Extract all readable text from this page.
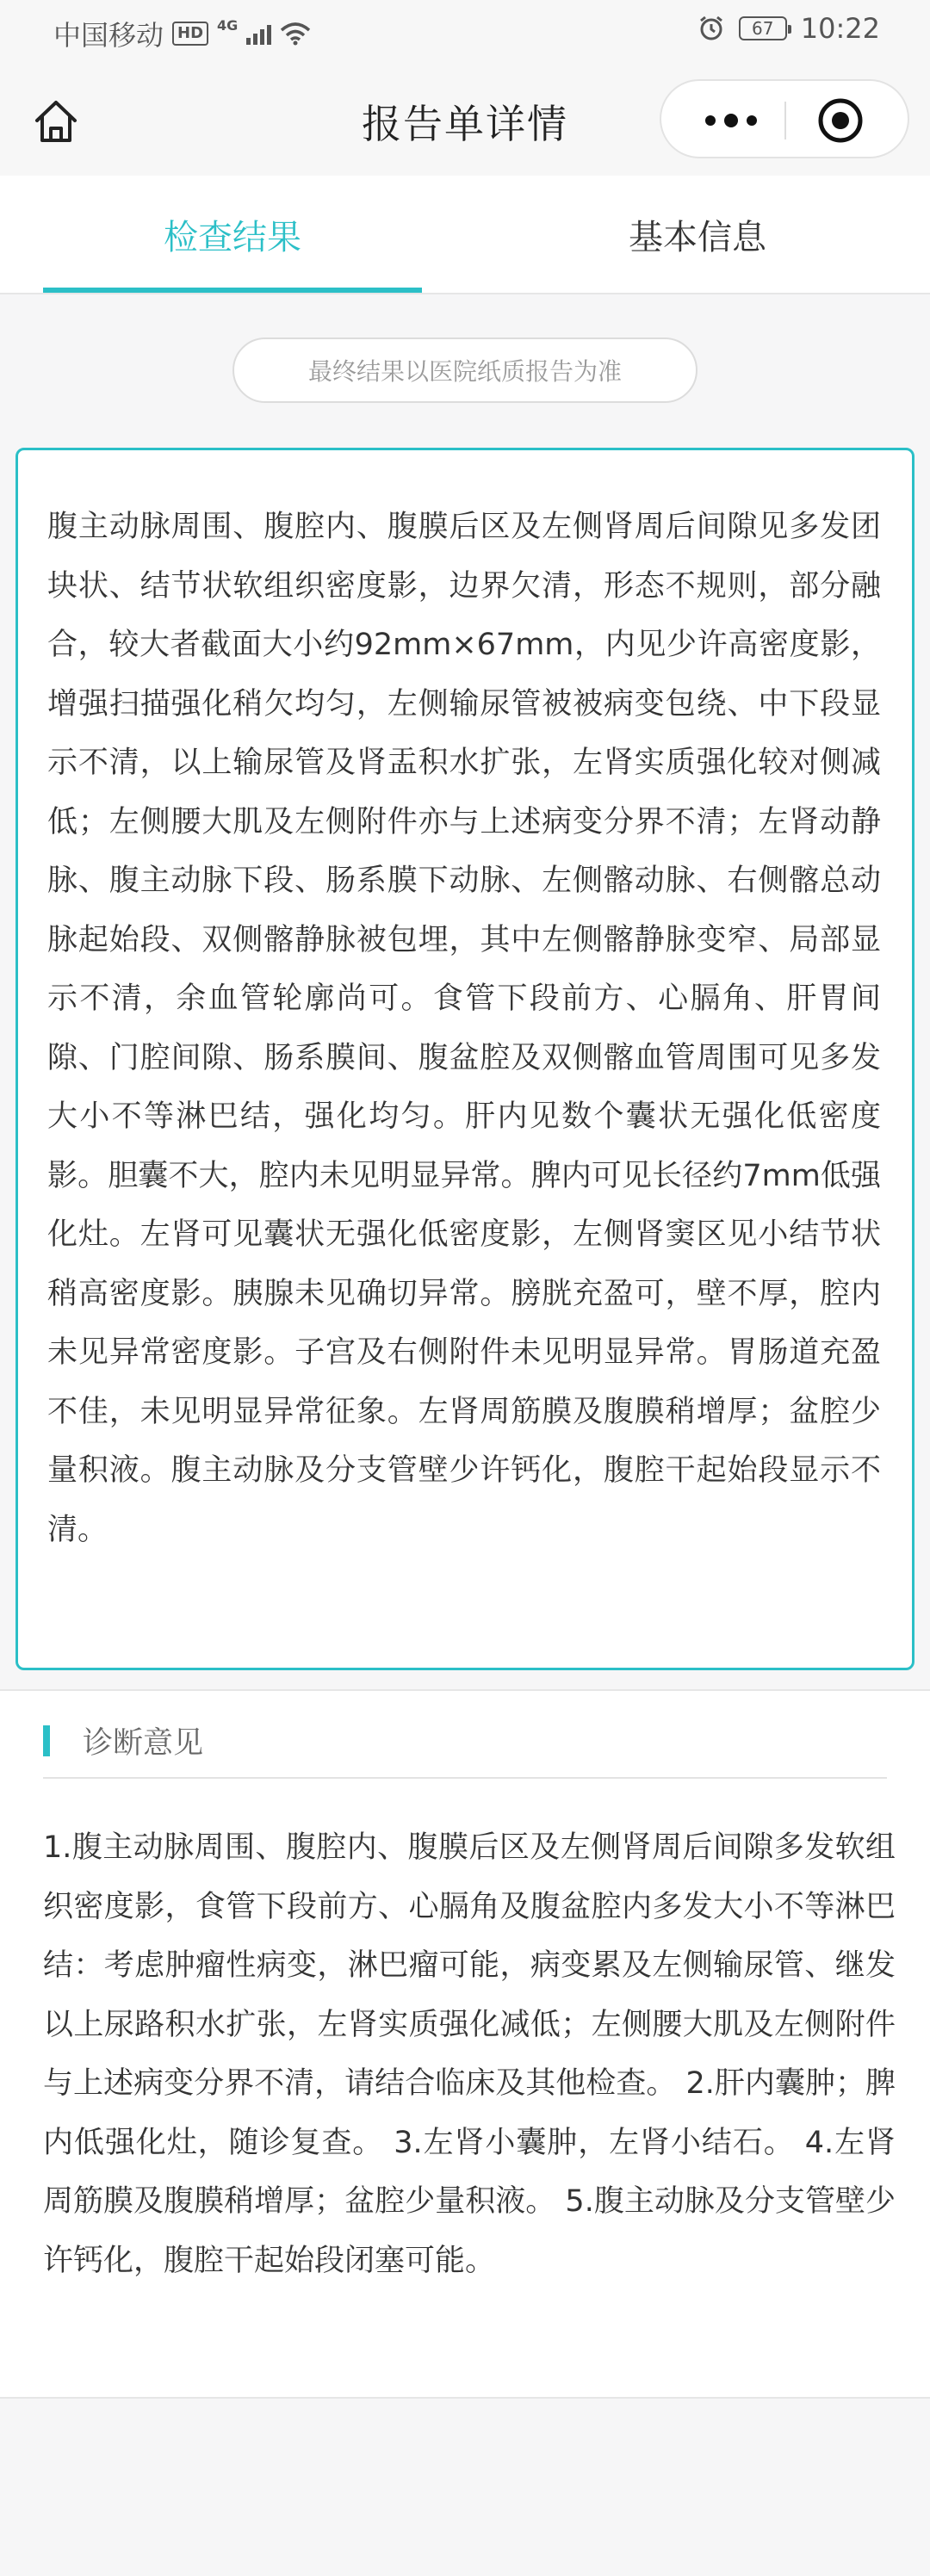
中国移动 HD	4G	67 10:22
报告单详情
检查结果	基本信息
最终结果以医院纸质报告为准

腹主动脉周围、腹腔内、腹膜后区及左侧肾周后间隙见多发团块状、结节状软组织密度影，边界欠清，形态不规则，部分融合，较大者截面大小约92mm×67mm，内见少许高密度影，增强扫描强化稍欠均匀，左侧输尿管被被病变包绕、中下段显示不清，以上输尿管及肾盂积水扩张，左肾实质强化较对侧减低；左侧腰大肌及左侧附件亦与上述病变分界不清；左肾动静脉、腹主动脉下段、肠系膜下动脉、左侧髂动脉、右侧髂总动脉起始段、双侧髂静脉被包埋，其中左侧髂静脉变窄、局部显示不清，余血管轮廓尚可。食管下段前方、心膈角、肝胃间隙、门腔间隙、肠系膜间、腹盆腔及双侧髂血管周围可见多发大小不等淋巴结，强化均匀。肝内见数个囊状无强化低密度影。胆囊不大，腔内未见明显异常。脾内可见长径约7mm低强化灶。左肾可见囊状无强化低密度影，左侧肾窦区见小结节状稍高密度影。胰腺未见确切异常。膀胱充盈可，壁不厚，腔内未见异常密度影。子宫及右侧附件未见明显异常。胃肠道充盈不佳，未见明显异常征象。左肾周筋膜及腹膜稍增厚；盆腔少量积液。腹主动脉及分支管壁少许钙化，腹腔干起始段显示不清。

诊断意见

1.腹主动脉周围、腹腔内、腹膜后区及左侧肾周后间隙多发软组织密度影，食管下段前方、心膈角及腹盆腔内多发大小不等淋巴结：考虑肿瘤性病变，淋巴瘤可能，病变累及左侧输尿管、继发以上尿路积水扩张，左肾实质强化减低；左侧腰大肌及左侧附件与上述病变分界不清，请结合临床及其他检查。 2.肝内囊肿；脾内低强化灶，随诊复查。 3.左肾小囊肿，左肾小结石。 4.左肾周筋膜及腹膜稍增厚；盆腔少量积液。 5.腹主动脉及分支管壁少许钙化，腹腔干起始段闭塞可能。
